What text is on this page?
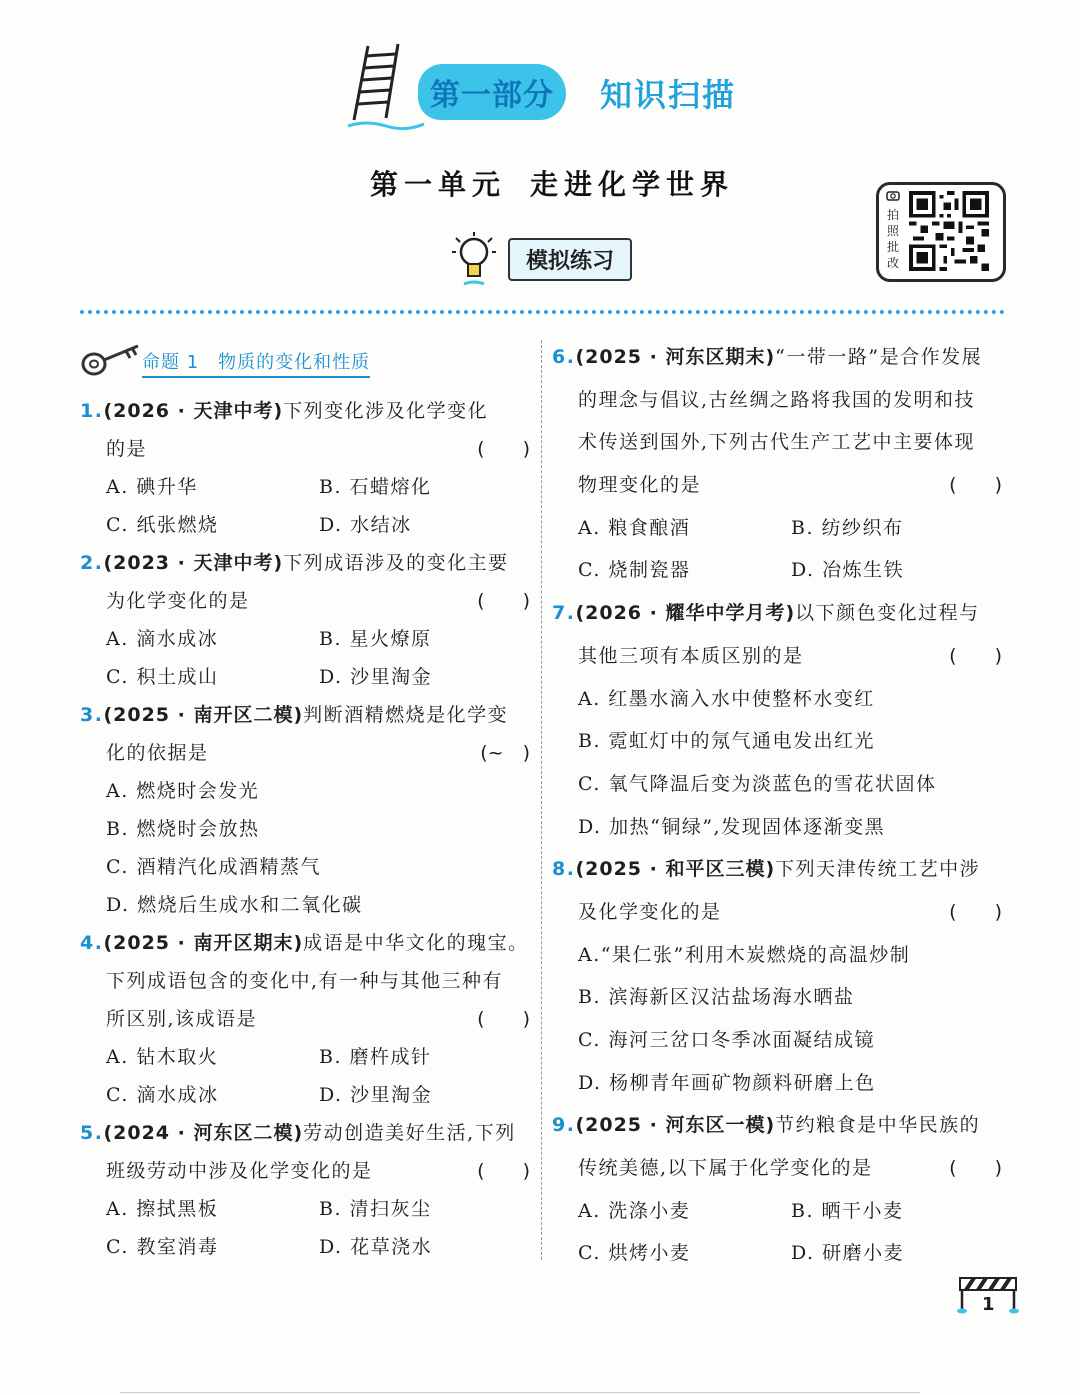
第一部分 知识扫描
第一单元 走进化学世界
模拟练习
拍
照
批
改
命题 1　物质的变化和性质
1.(2026 · 天津中考)下列变化涉及化学变化
的是	(　　)
A. 碘升华	B. 石蜡熔化
C. 纸张燃烧	D. 水结冰
2.(2023 · 天津中考)下列成语涉及的变化主要
为化学变化的是	(　　)
A. 滴水成冰	B. 星火燎原
C. 积土成山	D. 沙里淘金
3.(2025 · 南开区二模)判断酒精燃烧是化学变
化的依据是	(~　)
A. 燃烧时会发光
B. 燃烧时会放热
C. 酒精汽化成酒精蒸气
D. 燃烧后生成水和二氧化碳
4.(2025 · 南开区期末)成语是中华文化的瑰宝。
下列成语包含的变化中,有一种与其他三种有
所区别,该成语是	(　　)
A. 钻木取火	B. 磨杵成针
C. 滴水成冰	D. 沙里淘金
5.(2024 · 河东区二模)劳动创造美好生活,下列
班级劳动中涉及化学变化的是	(　　)
A. 擦拭黑板	B. 清扫灰尘
C. 教室消毒	D. 花草浇水
6.(2025 · 河东区期末)“一带一路”是合作发展
的理念与倡议,古丝绸之路将我国的发明和技
术传送到国外,下列古代生产工艺中主要体现
物理变化的是	(　　)
A. 粮食酿酒	B. 纺纱织布
C. 烧制瓷器	D. 冶炼生铁
7.(2026 · 耀华中学月考)以下颜色变化过程与
其他三项有本质区别的是	(　　)
A. 红墨水滴入水中使整杯水变红
B. 霓虹灯中的氖气通电发出红光
C. 氧气降温后变为淡蓝色的雪花状固体
D. 加热“铜绿”,发现固体逐渐变黑
8.(2025 · 和平区三模)下列天津传统工艺中涉
及化学变化的是	(　　)
A.“果仁张”利用木炭燃烧的高温炒制
B. 滨海新区汉沽盐场海水晒盐
C. 海河三岔口冬季冰面凝结成镜
D. 杨柳青年画矿物颜料研磨上色
9.(2025 · 河东区一模)节约粮食是中华民族的
传统美德,以下属于化学变化的是	(　　)
A. 洗涤小麦	B. 晒干小麦
C. 烘烤小麦	D. 研磨小麦
1
